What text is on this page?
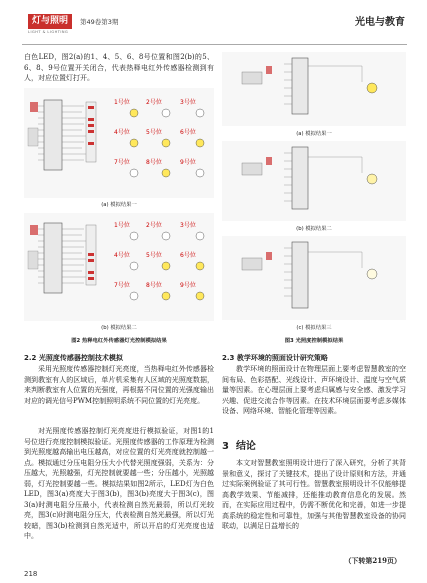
灯与照明
LIGHT & LIGHTING
第49卷第3期	光电与教育
白色LED，图2(a)的1、4、5、6、8号位置和图2(b)的5、6、8、9号位置开关闭合，代表热释电红外传感器检测到有人，对应位置灯打开。
1号位	2号位	3号位
4号位	5号位	6号位
7号位	8号位	9号位
(a) 模拟结果一
1号位	2号位	3号位
4号位	5号位	6号位
7号位	8号位	9号位
(b) 模拟结果二
图2 热释电红外传感器灯光控制模拟结果
(a) 模拟结果一
(b) 模拟结果二
(c) 模拟结果三
图3 光照度控制模拟结果
2.2 光照度传感器控制技术模拟
采用光照度传感器控制灯光亮度，当热释电红外传感器检测到教室有人的区域后，单片机采集有人区域的光照度数据，来判断教室有人位置的光强度，再根据不同位置的光强度输出对应的调光信号PWM控制照明系统不同位置的灯光亮度。
对光照度传感器控制灯光亮度进行模拟验证，对图1的1号位进行亮度控制模拟验证。光照度传感器的工作原理为检测到光照度越高输出电压越高，对应位置的灯光亮度就控制越一点。模拟通过分压电阻分压大小代替光照度强弱，关系为：分压越大，光照越强，灯光控制就要越一些；分压越小，光照越弱，灯光控制要越一些。模拟结果如图2所示，LED灯为白色LED，图3(a)亮度大于图3(b)，图3(b)亮度大于图3(c)，图3(a)时测电阻分压最小，代表检测自然光最弱，所以灯光较亮，图3(c)时测电阻分压大，代表检测自然光最强，所以灯光较暗，图3(b)检测到自然光适中，所以开启的灯光亮度也适中。
218
2.3 教学环境的照面设计研究策略
教学环境的照面设计在物理层面上要考虑智慧教室的空间布局、色彩搭配、光线设计、声环境设计、温度与空气质量等因素。在心理层面上要考虑归属感与安全感、激发学习兴趣、促进交流合作等因素。在技术环境层面要考虑多媒体设备、网络环境、智能化管理等因素。
3 结论
本文对智慧教室照明设计进行了深入研究，分析了其背景和意义，探讨了关键技术，提出了设计原则和方法，并通过实际案例验证了其可行性。智慧教室照明设计不仅能够提高教学效果、节能减排，还能推动教育信息化的发展。然而，在实际应用过程中，仍需不断优化和完善，如进一步提高系统的稳定性和可靠性，加强与其他智慧教室设备的协同联动，以满足日益增长的
（下转第219页）
